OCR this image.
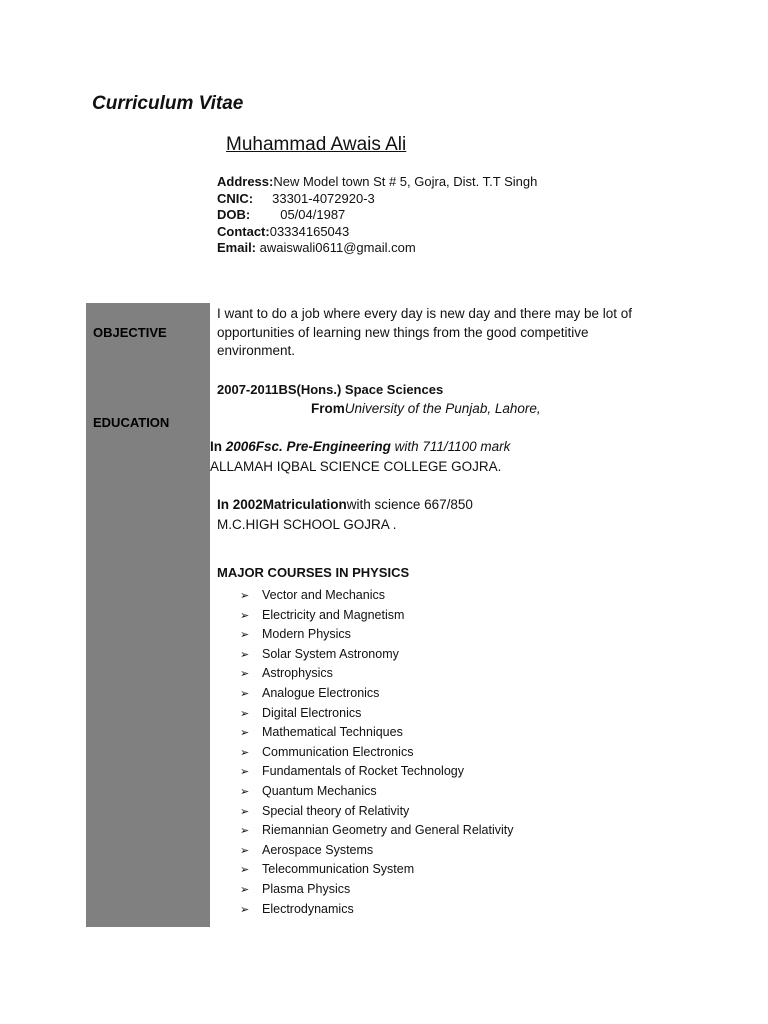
Curriculum Vitae
Muhammad Awais Ali
Address:New Model town St # 5, Gojra, Dist. T.T Singh
CNIC: 33301-4072920-3
DOB: 05/04/1987
Contact:03334165043
Email: awaiswali0611@gmail.com
OBJECTIVE
EDUCATION
I want to do a job where every day is new day and there may be lot of opportunities of learning new things from the good competitive environment.
2007-2011BS(Hons.) Space Sciences
FromUniversity of the Punjab, Lahore,
In 2006Fsc. Pre-Engineering with 711/1100 mark
ALLAMAH IQBAL SCIENCE COLLEGE GOJRA.
In 2002Matriculationwith science 667/850
M.C.HIGH SCHOOL GOJRA .
MAJOR COURSES IN PHYSICS
➢ Vector and Mechanics
➢ Electricity and Magnetism
➢ Modern Physics
➢ Solar System Astronomy
➢ Astrophysics
➢ Analogue Electronics
➢ Digital Electronics
➢ Mathematical Techniques
➢ Communication Electronics
➢ Fundamentals of Rocket Technology
➢ Quantum Mechanics
➢ Special theory of Relativity
➢ Riemannian Geometry and General Relativity
➢ Aerospace Systems
➢ Telecommunication System
➢ Plasma Physics
➢ Electrodynamics
